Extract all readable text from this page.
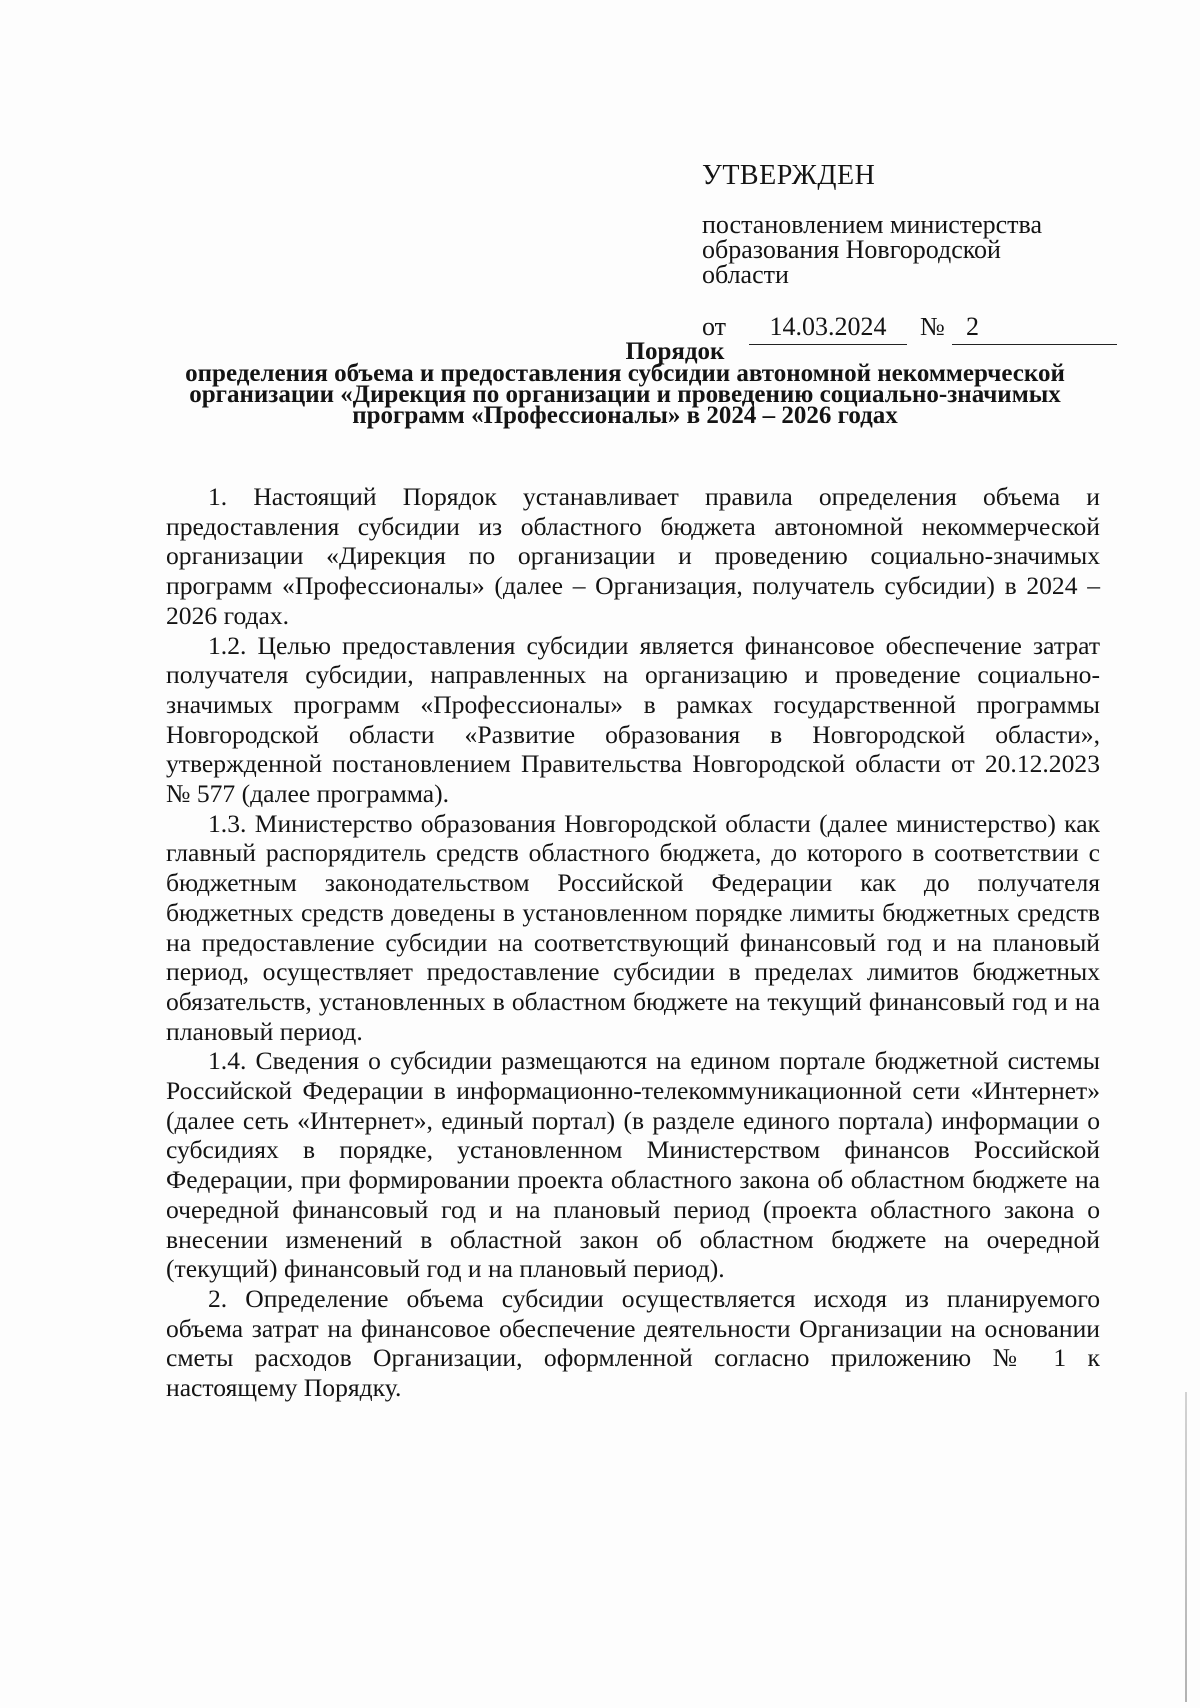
УТВЕРЖДЕН
постановлением министерства
образования Новгородской
области
от	14.03.2024	№ 2
Порядок
определения объема и предоставления субсидии автономной некоммерческой организации «Дирекция по организации и проведению социально-значимых программ «Профессионалы» в 2024 – 2026 годах

1. Настоящий Порядок устанавливает правила определения объема и предоставления субсидии из областного бюджета автономной некоммерческой организации «Дирекция по организации и проведению социально-значимых программ «Профессионалы» (далее – Организация, получатель субсидии) в 2024 – 2026 годах.

1.2. Целью предоставления субсидии является финансовое обеспечение затрат получателя субсидии, направленных на организацию и проведение социально-значимых программ «Профессионалы» в рамках государственной программы Новгородской области «Развитие образования в Новгородской области», утвержденной постановлением Правительства Новгородской области от 20.12.2023 № 577 (далее программа).

1.3. Министерство образования Новгородской области (далее министерство) как главный распорядитель средств областного бюджета, до которого в соответствии с бюджетным законодательством Российской Федерации как до получателя бюджетных средств доведены в установленном порядке лимиты бюджетных средств на предоставление субсидии на соответствующий финансовый год и на плановый период, осуществляет предоставление субсидии в пределах лимитов бюджетных обязательств, установленных в областном бюджете на текущий финансовый год и на плановый период.

1.4. Сведения о субсидии размещаются на едином портале бюджетной системы Российской Федерации в информационно-телекоммуникационной сети «Интернет» (далее сеть «Интернет», единый портал) (в разделе единого портала) информации о субсидиях в порядке, установленном Министерством финансов Российской Федерации, при формировании проекта областного закона об областном бюджете на очередной финансовый год и на плановый период (проекта областного закона о внесении изменений в областной закон об областном бюджете на очередной (текущий) финансовый год и на плановый период).

2. Определение объема субсидии осуществляется исходя из планируемого объема затрат на финансовое обеспечение деятельности Организации на основании сметы расходов Организации, оформленной согласно приложению № 1 к настоящему Порядку.
